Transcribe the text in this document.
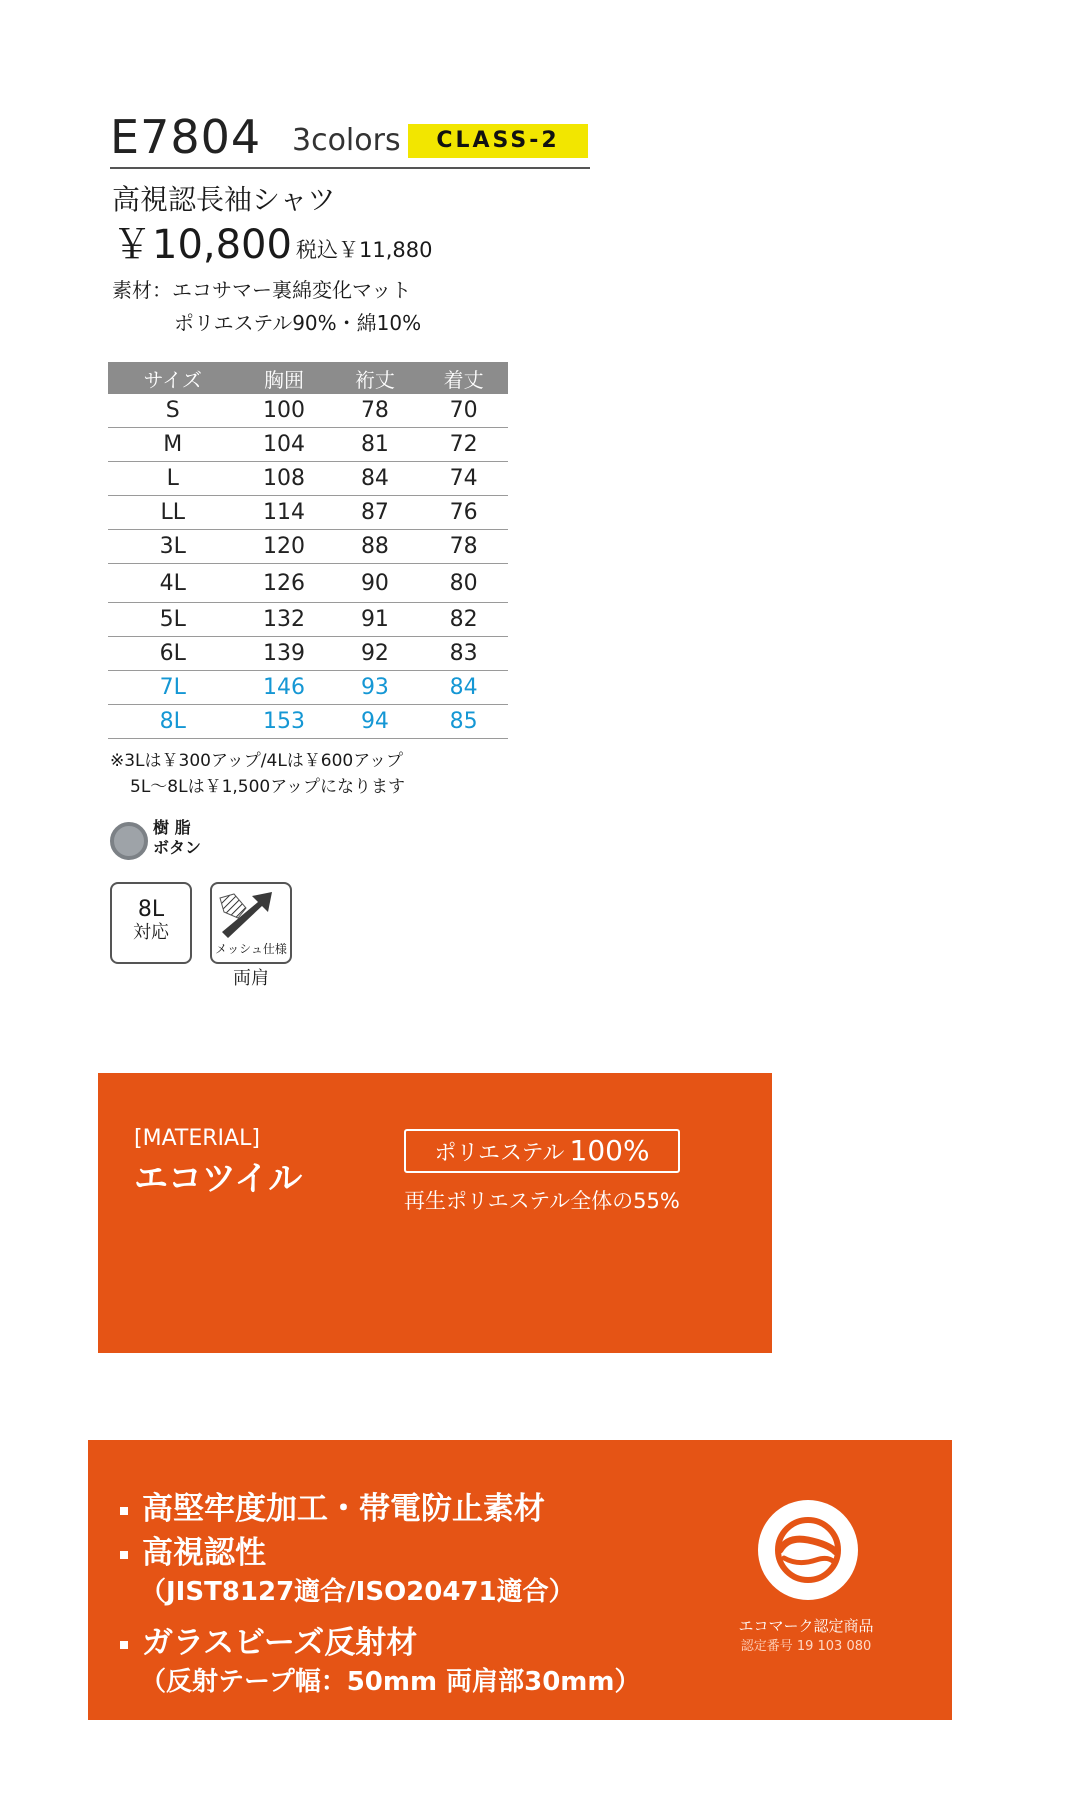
E7804 3colors	CLASS-2
高視認長袖シャツ
￥10,800 税込￥11,880
素材：エコサマー裏綿変化マット
ポリエステル90%・綿10%
サイズ	胸囲	裄丈	着丈
S	100	78	70
M	104	81	72
L	108	84	74
LL	114	87	76
3L	120	88	78
4L	126	90	80
5L	132	91	82
6L	139	92	83
7L	146	93	84
8L	153	94	85
※3Lは￥300アップ/4Lは￥600アップ
5L〜8Lは￥1,500アップになります
樹 脂
ボタン
8L
対応
メッシュ仕様
両肩
[MATERIAL]
エコツイル
ポリエステル 100%
再生ポリエステル全体の55%
高堅牢度加工・帯電防止素材
高視認性
（JIST8127適合/ISO20471適合）
ガラスビーズ反射材
（反射テープ幅：50mm 両肩部30mm）
エコマーク認定商品
認定番号 19 103 080
